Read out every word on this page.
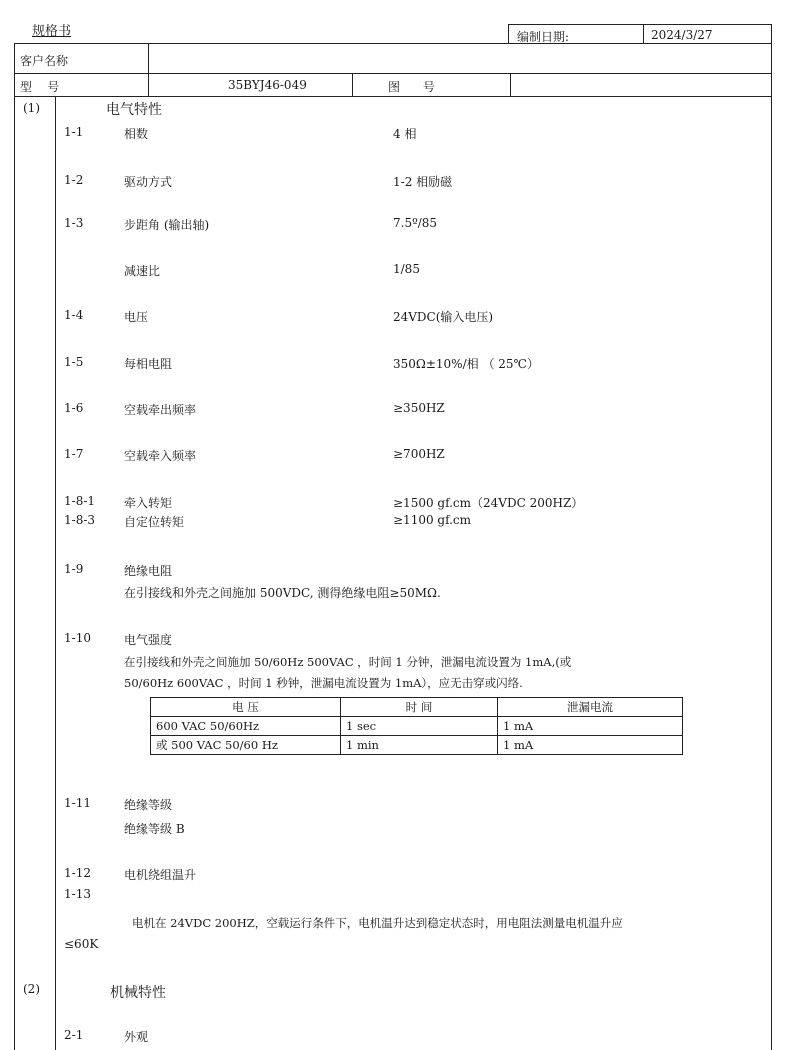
规格书	编制日期:	2024/3/27
客户名称
型    号	35BYJ46-049	图      号
(1)	电气特性
1-1	相数	4 相
1-2	驱动方式	1-2 相励磁
1-3	步距角 (输出轴)	7.5º/85
减速比	1/85
1-4	电压	24VDC(输入电压)
1-5	每相电阻	350Ω±10%/相 （ 25℃）
1-6	空载牵出频率	≥350HZ
1-7	空载牵入频率	≥700HZ
1-8-1 牵入转矩	≥1500 gf.cm（24VDC 200HZ）
1-8-3 自定位转矩	≥1100 gf.cm
1-9	绝缘电阻
在引接线和外壳之间施加 500VDC, 测得绝缘电阻≥50MΩ.
1-10	电气强度
在引接线和外壳之间施加 50/60Hz 500VAC ，时间 1 分钟，泄漏电流设置为 1mA,(或
50/60Hz 600VAC ，时间 1 秒钟，泄漏电流设置为 1mA），应无击穿或闪络.
电 压	时 间	泄漏电流
600 VAC 50/60Hz	1 sec	1 mA
或 500 VAC 50/60 Hz	1 min	1 mA
1-11	绝缘等级
绝缘等级 B
1-12	电机绕组温升
1-13
电机在 24VDC 200HZ，空载运行条件下，电机温升达到稳定状态时，用电阻法测量电机温升应
≤60K
(2)	机械特性
2-1	外观
